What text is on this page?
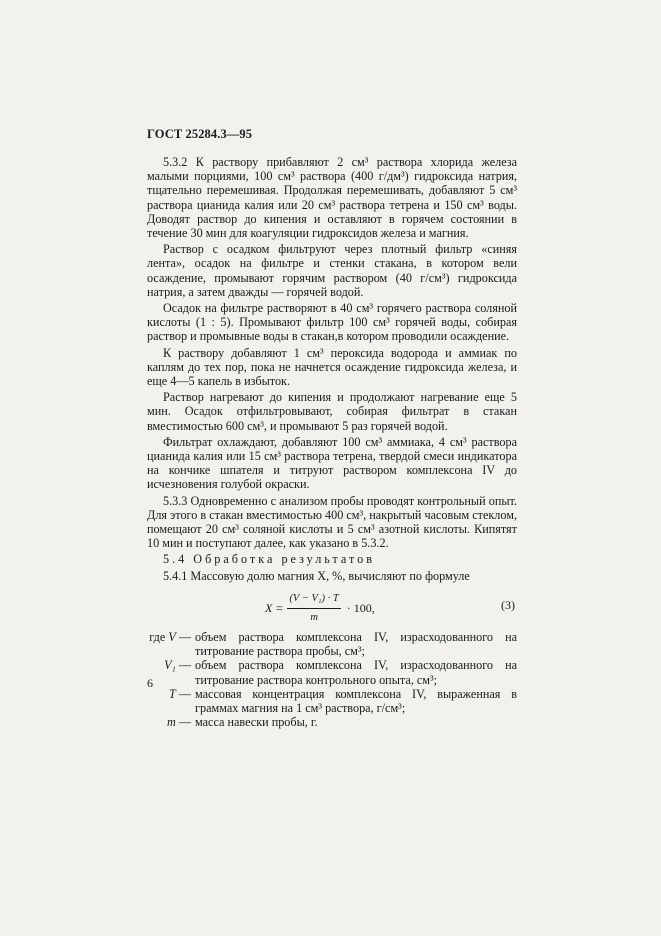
ГОСТ 25284.3—95

5.3.2 К раствору прибавляют 2 см³ раствора хлорида железа малыми порциями, 100 см³ раствора (400 г/дм³) гидроксида натрия, тщательно перемешивая. Продолжая перемешивать, добавляют 5 см³ раствора цианида калия или 20 см³ раствора тетрена и 150 см³ воды. Доводят раствор до кипения и оставляют в горячем состоянии в течение 30 мин для коагуляции гидроксидов железа и магния.

Раствор с осадком фильтруют через плотный фильтр «синяя лента», осадок на фильтре и стенки стакана, в котором вели осаждение, промывают горячим раствором (40 г/см³) гидроксида натрия, а затем дважды — горячей водой.

Осадок на фильтре растворяют в 40 см³ горячего раствора соляной кислоты (1 : 5). Промывают фильтр 100 см³ горячей воды, собирая раствор и промывные воды в стакан,в котором проводили осаждение.

К раствору добавляют 1 см³ пероксида водорода и аммиак по каплям до тех пор, пока не начнется осаждение гидроксида железа, и еще 4—5 капель в избыток.

Раствор нагревают до кипения и продолжают нагревание еще 5 мин. Осадок отфильтровывают, собирая фильтрат в стакан вместимостью 600 см³, и промывают 5 раз горячей водой.

Фильтрат охлаждают, добавляют 100 см³ аммиака, 4 см³ раствора цианида калия или 15 см³ раствора тетрена, твердой смеси индикатора на кончике шпателя и титруют раствором комплексона IV до исчезновения голубой окраски.

5.3.3 Одновременно с анализом пробы проводят контрольный опыт. Для этого в стакан вместимостью 400 см³, накрытый часовым стеклом, помещают 20 см³ соляной кислоты и 5 см³ азотной кислоты. Кипятят 10 мин и поступают далее, как указано в 5.3.2.

5.4 Обработка результатов

5.4.1 Массовую долю магния X, %, вычисляют по формуле

$X = \frac{\text{(V − V₁) · T}}{m} \cdot 100$,	(3)
где V — объем раствора комплексона IV, израсходованного на титрование раствора пробы, см³;
V₁ — объем раствора комплексона IV, израсходованного на титрование раствора контрольного опыта, см³;
T — массовая концентрация комплексона IV, выраженная в граммах магния на 1 см³ раствора, г/см³;
m — масса навески пробы, г.
6
